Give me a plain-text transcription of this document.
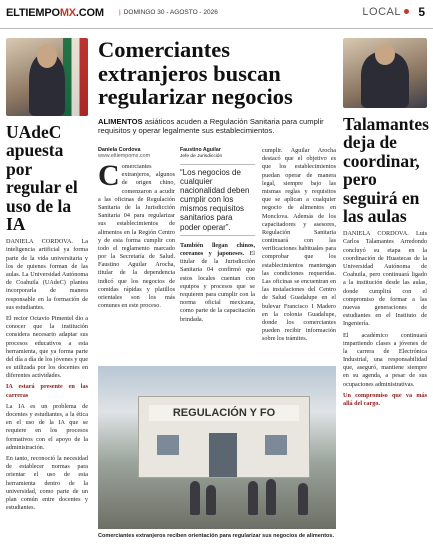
ELTIEMPOMX.COM	| DOMINGO 30 - AGOSTO - 2026	LOCAL 5
UAdeC apuesta por regular el uso de la IA

DANIELA CORDOVA. La inteligencia artificial ya forma parte de la vida universitaria y los de quienes forman de las aulas. La Universidad Autónoma de Coahuila (UAdeC) plantea incorporarla de manera responsable en la formación de sus estudiantes.

El rector Octavio Pimentel dio a conocer que la institución considera necesario adaptar sus procesos educativos a esta herramienta, que ya forma parte del día a día de los jóvenes y que es utilizada por los docentes en diferentes actividades.

IA estará presente en las carreras

La IA es un problema de docentes y estudiantes, a la ética en el uso de la IA que se requiere en los procesos formativos con el apoyo de la administración.

En tanto, reconoció la necesidad de establecer normas para orientar el uso de esta herramienta dentro de la universidad, como parte de un plan común entre docentes y estudiantes.

Comerciantes extranjeros buscan regularizar negocios

ALIMENTOS asiáticos acuden a Regulación Sanitaria para cumplir requisitos y operar legalmente sus establecimientos.

Daniela Cordova
www.eltiempomx.com
Comerciantes extranjeros, algunos de origen chino, comenzaron a acudir a las oficinas de Regulación Sanitaria de la Jurisdicción Sanitaria 04 para regularizar sus establecimientos de alimentos en la Región Centro y de esta forma cumplir con todo el reglamento marcado por la Secretaría de Salud. Faustino Aguilar Arocha, titular de la dependencia indicó que los negocios de comidas rápidas y platillos orientales son los más comunes en este proceso.
Faustino Aguilar
Jefe de Jurisdicción
“Los negocios de cualquier nacionalidad deben cumplir con los mismos requisitos sanitarios para poder operar”.
También llegan chinos, coreanos y japoneses. El titular de la Jurisdicción Sanitaria 04 confirmó que estos locales cuentan con equipos y procesos que se requieren para cumplir con la norma oficial mexicana, como parte de la capacitación brindada.
cumplir. Aguilar Arocha destacó que el objetivo es que los establecimientos puedan operar de manera legal, siempre bajo las mismas reglas y requisitos que se aplican a cualquier negocio de alimentos en Monclova. Además de los capacitadores y asesores, Regulación Sanitaria continuará con las verificaciones habituales para comprobar que los establecimientos mantengan las condiciones requeridas. Las oficinas se encuentran en las instalaciones del Centro de Salud Guadalupe en el bulevar Francisco I Madero en la colonia Guadalupe, donde los comerciantes pueden recibir información sobre los trámites.
REGULACIÓN Y FO
Comerciantes extranjeros reciben orientación para regularizar sus negocios de alimentos.
Talamantes deja de coordinar, pero seguirá en las aulas

DANIELA CORDOVA. Luis Carlos Talamantes Arredondo concluyó su etapa en la coordinación de Huastecas de la Universidad Autónoma de Coahuila, pero continuará ligado a la institución desde las aulas, donde cumplirá con el compromiso de formar a las nuevas generaciones de estudiantes en el Instituto de Ingeniería.

El académico continuará impartiendo clases a jóvenes de la carrera de Electrónica Industrial, una responsabilidad que, aseguró, mantiene siempre en su agenda, a pesar de sus ocupaciones administrativas.

Un compromiso que va más allá del cargo.
